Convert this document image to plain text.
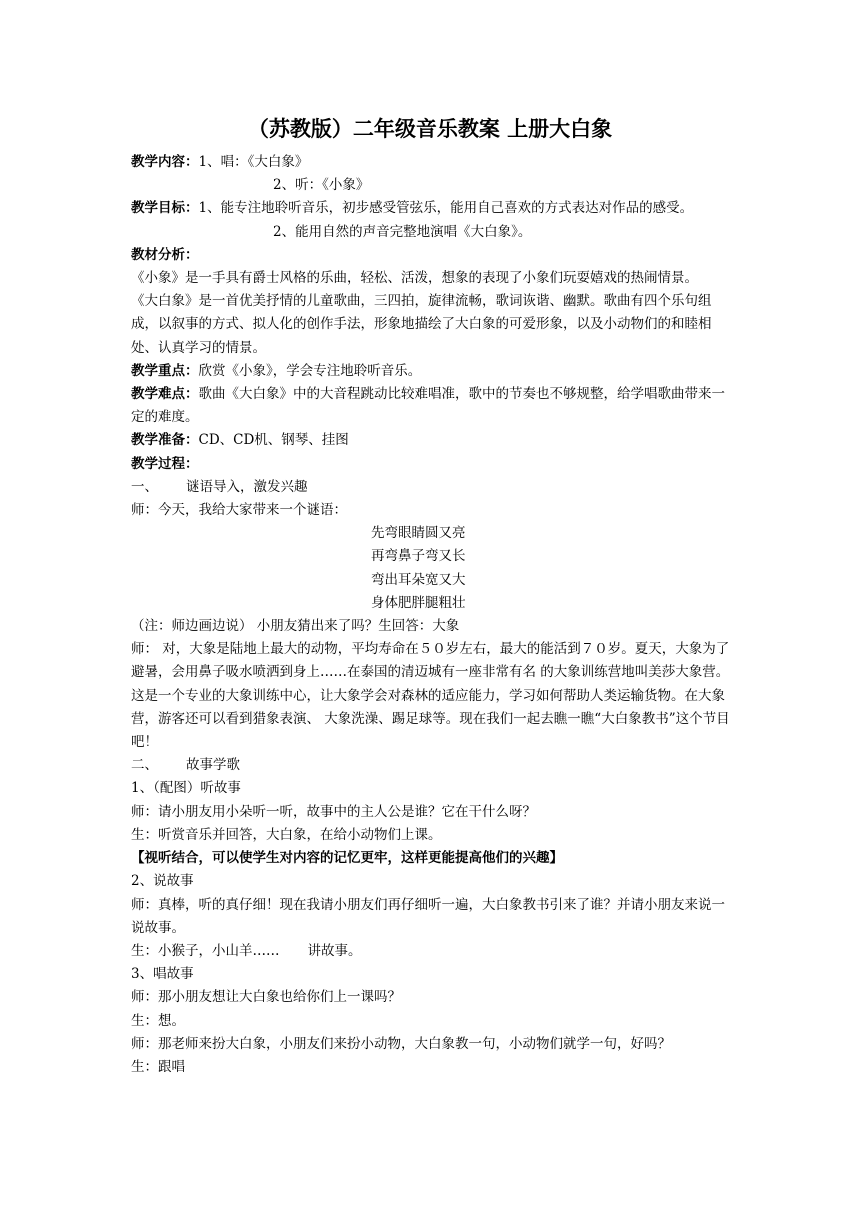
（苏教版）二年级音乐教案 上册大白象

教学内容：1、唱：《大白象》

2、听：《小象》

教学目标：1、能专注地聆听音乐，初步感受管弦乐，能用自己喜欢的方式表达对作品的感受。

2、能用自然的声音完整地演唱《大白象》。

教材分析：

《小象》是一手具有爵士风格的乐曲，轻松、活泼，想象的表现了小象们玩耍嬉戏的热闹情景。

《大白象》是一首优美抒情的儿童歌曲，三四拍，旋律流畅，歌词诙谐、幽默。歌曲有四个乐句组成，以叙事的方式、拟人化的创作手法，形象地描绘了大白象的可爱形象，以及小动物们的和睦相处、认真学习的情景。

教学重点：欣赏《小象》，学会专注地聆听音乐。

教学难点：歌曲《大白象》中的大音程跳动比较难唱准，歌中的节奏也不够规整，给学唱歌曲带来一定的难度。

教学准备：CD、CD机、钢琴、挂图

教学过程：

一、 谜语导入，激发兴趣

师：今天，我给大家带来一个谜语：

先弯眼睛圆又亮

再弯鼻子弯又长

弯出耳朵宽又大

身体肥胖腿粗壮

（注：师边画边说） 小朋友猜出来了吗？生回答：大象

师： 对，大象是陆地上最大的动物，平均寿命在５０岁左右，最大的能活到７０岁。夏天，大象为了避暑，会用鼻子吸水喷洒到身上……在泰国的清迈城有一座非常有名 的大象训练营地叫美莎大象营。这是一个专业的大象训练中心，让大象学会对森林的适应能力，学习如何帮助人类运输货物。在大象营，游客还可以看到猎象表演、 大象洗澡、踢足球等。现在我们一起去瞧一瞧“大白象教书”这个节目吧！

二、 故事学歌

1、（配图）听故事

师：请小朋友用小朵听一听，故事中的主人公是谁？它在干什么呀？

生：听赏音乐并回答，大白象，在给小动物们上课。

【视听结合，可以使学生对内容的记忆更牢，这样更能提高他们的兴趣】

2、说故事

师：真棒，听的真仔细！现在我请小朋友们再仔细听一遍，大白象教书引来了谁？并请小朋友来说一说故事。

生：小猴子，小山羊…… 讲故事。

3、唱故事

师：那小朋友想让大白象也给你们上一课吗？

生：想。

师：那老师来扮大白象，小朋友们来扮小动物，大白象教一句，小动物们就学一句，好吗？

生：跟唱
